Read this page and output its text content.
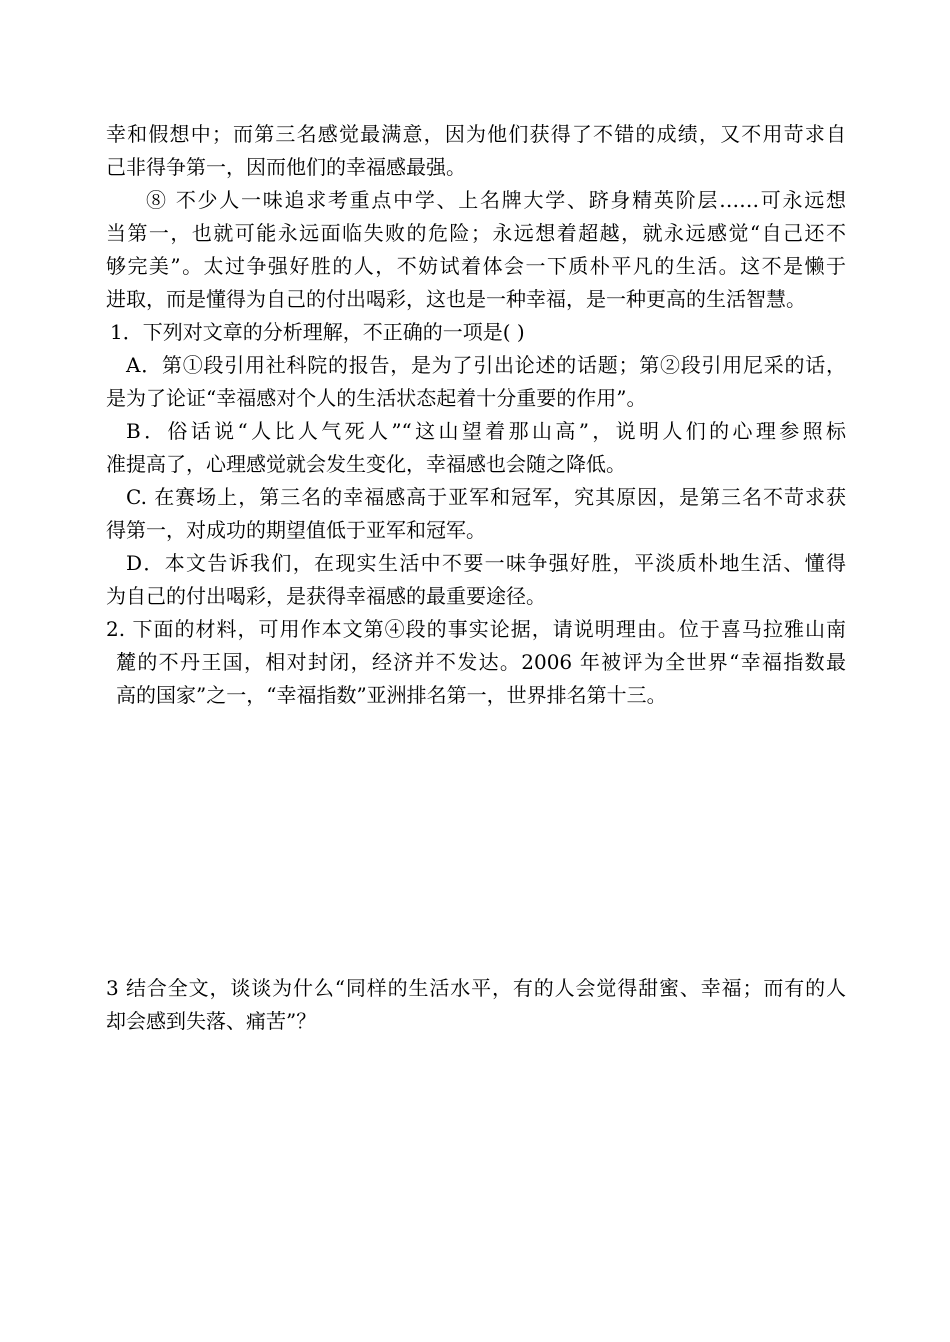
幸和假想中；而第三名感觉最满意，因为他们获得了不错的成绩，又不用苛求自
己非得争第一，因而他们的幸福感最强。
⑧ 不少人一味追求考重点中学、上名牌大学、跻身精英阶层……可永远想
当第一，也就可能永远面临失败的危险；永远想着超越，就永远感觉“自己还不
够完美”。太过争强好胜的人，不妨试着体会一下质朴平凡的生活。这不是懒于
进取，而是懂得为自己的付出喝彩，这也是一种幸福，是一种更高的生活智慧。
1．下列对文章的分析理解，不正确的一项是( )
A．第①段引用社科院的报告，是为了引出论述的话题；第②段引用尼采的话，
是为了论证“幸福感对个人的生活状态起着十分重要的作用”。
B．俗话说“人比人气死人”“这山望着那山高”，说明人们的心理参照标
准提高了，心理感觉就会发生变化，幸福感也会随之降低。
C. 在赛场上，第三名的幸福感高于亚军和冠军，究其原因，是第三名不苛求获
得第一，对成功的期望值低于亚军和冠军。
D．本文告诉我们，在现实生活中不要一味争强好胜，平淡质朴地生活、懂得
为自己的付出喝彩，是获得幸福感的最重要途径。
2. 下面的材料，可用作本文第④段的事实论据，请说明理由。位于喜马拉雅山南
麓的不丹王国，相对封闭，经济并不发达。2006 年被评为全世界“幸福指数最
高的国家”之一，“幸福指数”亚洲排名第一，世界排名第十三。
3 结合全文，谈谈为什么“同样的生活水平，有的人会觉得甜蜜、幸福；而有的人
却会感到失落、痛苦”？
